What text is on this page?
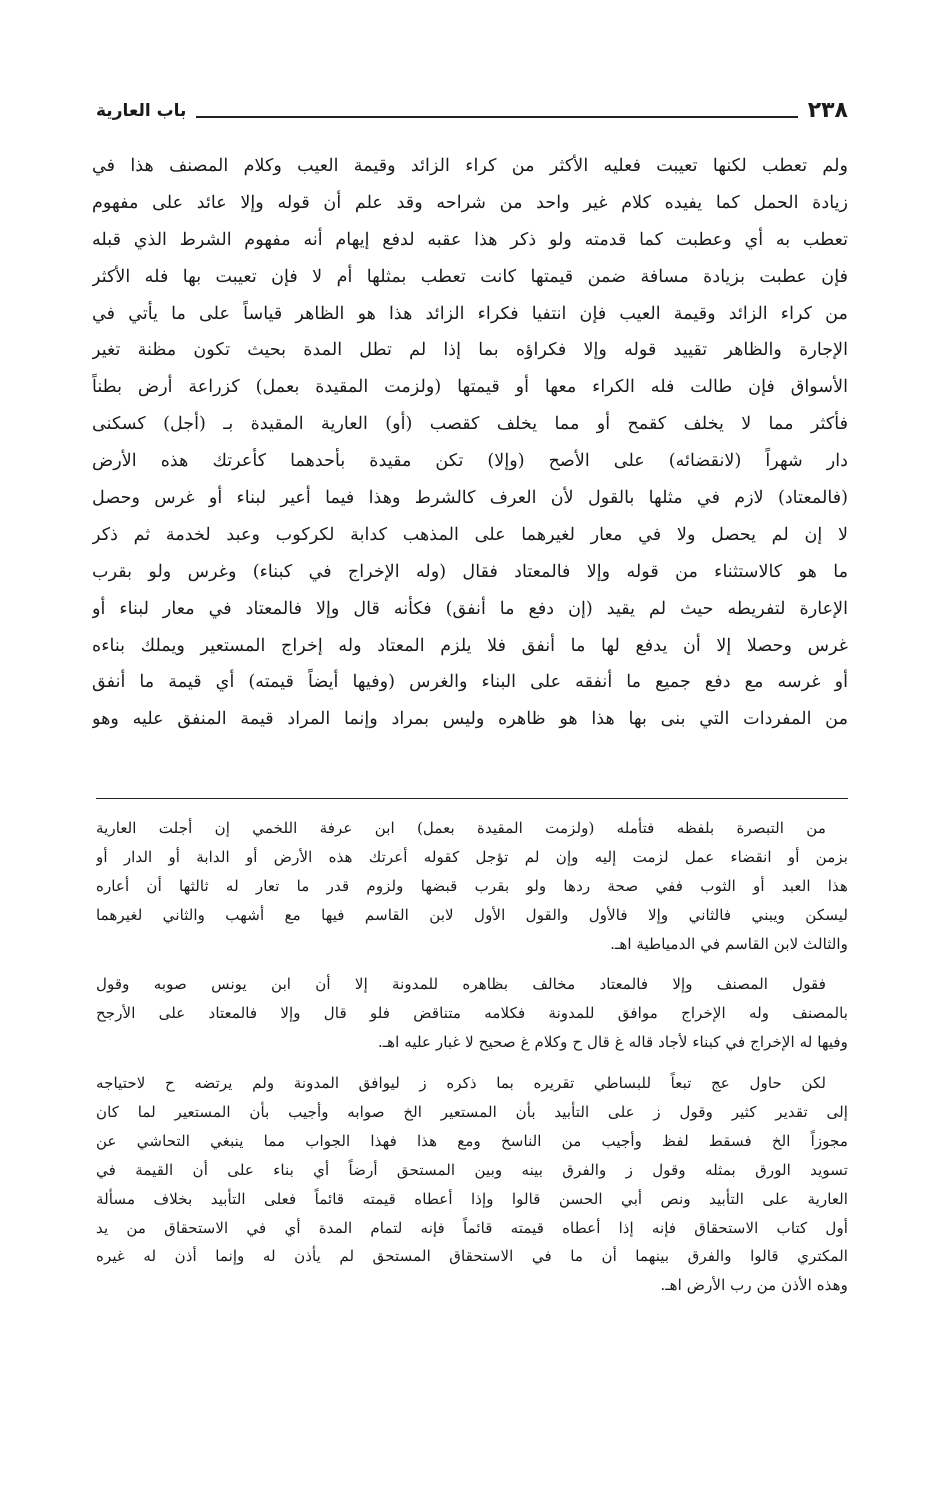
٢٣٨
باب العارية
ولم تعطب لكنها تعيبت فعليه الأكثر من كراء الزائد وقيمة العيب وكلام المصنف هذا في
زيادة الحمل كما يفيده كلام غير واحد من شراحه وقد علم أن قوله وإلا عائد على مفهوم
تعطب به أي وعطبت كما قدمته ولو ذكر هذا عقبه لدفع إيهام أنه مفهوم الشرط الذي قبله
فإن عطبت بزيادة مسافة ضمن قيمتها كانت تعطب بمثلها أم لا فإن تعيبت بها فله الأكثر
من كراء الزائد وقيمة العيب فإن انتفيا فكراء الزائد هذا هو الظاهر قياساً على ما يأتي في
الإجارة والظاهر تقييد قوله وإلا فكراؤه بما إذا لم تطل المدة بحيث تكون مظنة تغير
الأسواق فإن طالت فله الكراء معها أو قيمتها (ولزمت المقيدة بعمل) كزراعة أرض بطناً
فأكثر مما لا يخلف كقمح أو مما يخلف كقصب (أو) العارية المقيدة بـ (أجل) كسكنى
دار شهراً (لانقضائه) على الأصح (وإلا) تكن مقيدة بأحدهما كأعرتك هذه الأرض
(فالمعتاد) لازم في مثلها بالقول لأن العرف كالشرط وهذا فيما أعير لبناء أو غرس وحصل
لا إن لم يحصل ولا في معار لغيرهما على المذهب كدابة لكركوب وعبد لخدمة ثم ذكر
ما هو كالاستثناء من قوله وإلا فالمعتاد فقال (وله الإخراج في كبناء) وغرس ولو بقرب
الإعارة لتفريطه حيث لم يقيد (إن دفع ما أنفق) فكأنه قال وإلا فالمعتاد في معار لبناء أو
غرس وحصلا إلا أن يدفع لها ما أنفق فلا يلزم المعتاد وله إخراج المستعير ويملك بناءه
أو غرسه مع دفع جميع ما أنفقه على البناء والغرس (وفيها أيضاً قيمته) أي قيمة ما أنفق
من المفردات التي بنى بها هذا هو ظاهره وليس بمراد وإنما المراد قيمة المنفق عليه وهو
من التبصرة بلفظه فتأمله (ولزمت المقيدة بعمل) ابن عرفة اللخمي إن أجلت العارية
بزمن أو انقضاء عمل لزمت إليه وإن لم تؤجل كقوله أعرتك هذه الأرض أو الدابة أو الدار أو
هذا العبد أو الثوب ففي صحة ردها ولو بقرب قبضها ولزوم قدر ما تعار له ثالثها أن أعاره
ليسكن ويبني فالثاني وإلا فالأول والقول الأول لابن القاسم فيها مع أشهب والثاني لغيرهما
والثالث لابن القاسم في الدمياطية اهـ.
فقول المصنف وإلا فالمعتاد مخالف بظاهره للمدونة إلا أن ابن يونس صوبه وقول
بالمصنف وله الإخراج موافق للمدونة فكلامه متناقض فلو قال وإلا فالمعتاد على الأرجح
وفيها له الإخراج في كبناء لأجاد قاله غ قال ح وكلام غ صحيح لا غبار عليه اهـ.
لكن حاول عج تبعاً للبساطي تقريره بما ذكره ز ليوافق المدونة ولم يرتضه ح لاحتياجه
إلى تقدير كثير وقول ز على التأبيد بأن المستعير الخ صوابه وأجيب بأن المستعير لما كان
مجوزاً الخ فسقط لفظ وأجيب من الناسخ ومع هذا فهذا الجواب مما ينبغي التحاشي عن
تسويد الورق بمثله وقول ز والفرق بينه وبين المستحق أرضاً أي بناء على أن القيمة في
العارية على التأبيد ونص أبي الحسن قالوا وإذا أعطاه قيمته قائماً فعلى التأبيد بخلاف مسألة
أول كتاب الاستحقاق فإنه إذا أعطاه قيمته قائماً فإنه لتمام المدة أي في الاستحقاق من يد
المكتري قالوا والفرق بينهما أن ما في الاستحقاق المستحق لم يأذن له وإنما أذن له غيره
وهذه الأذن من رب الأرض اهـ.
